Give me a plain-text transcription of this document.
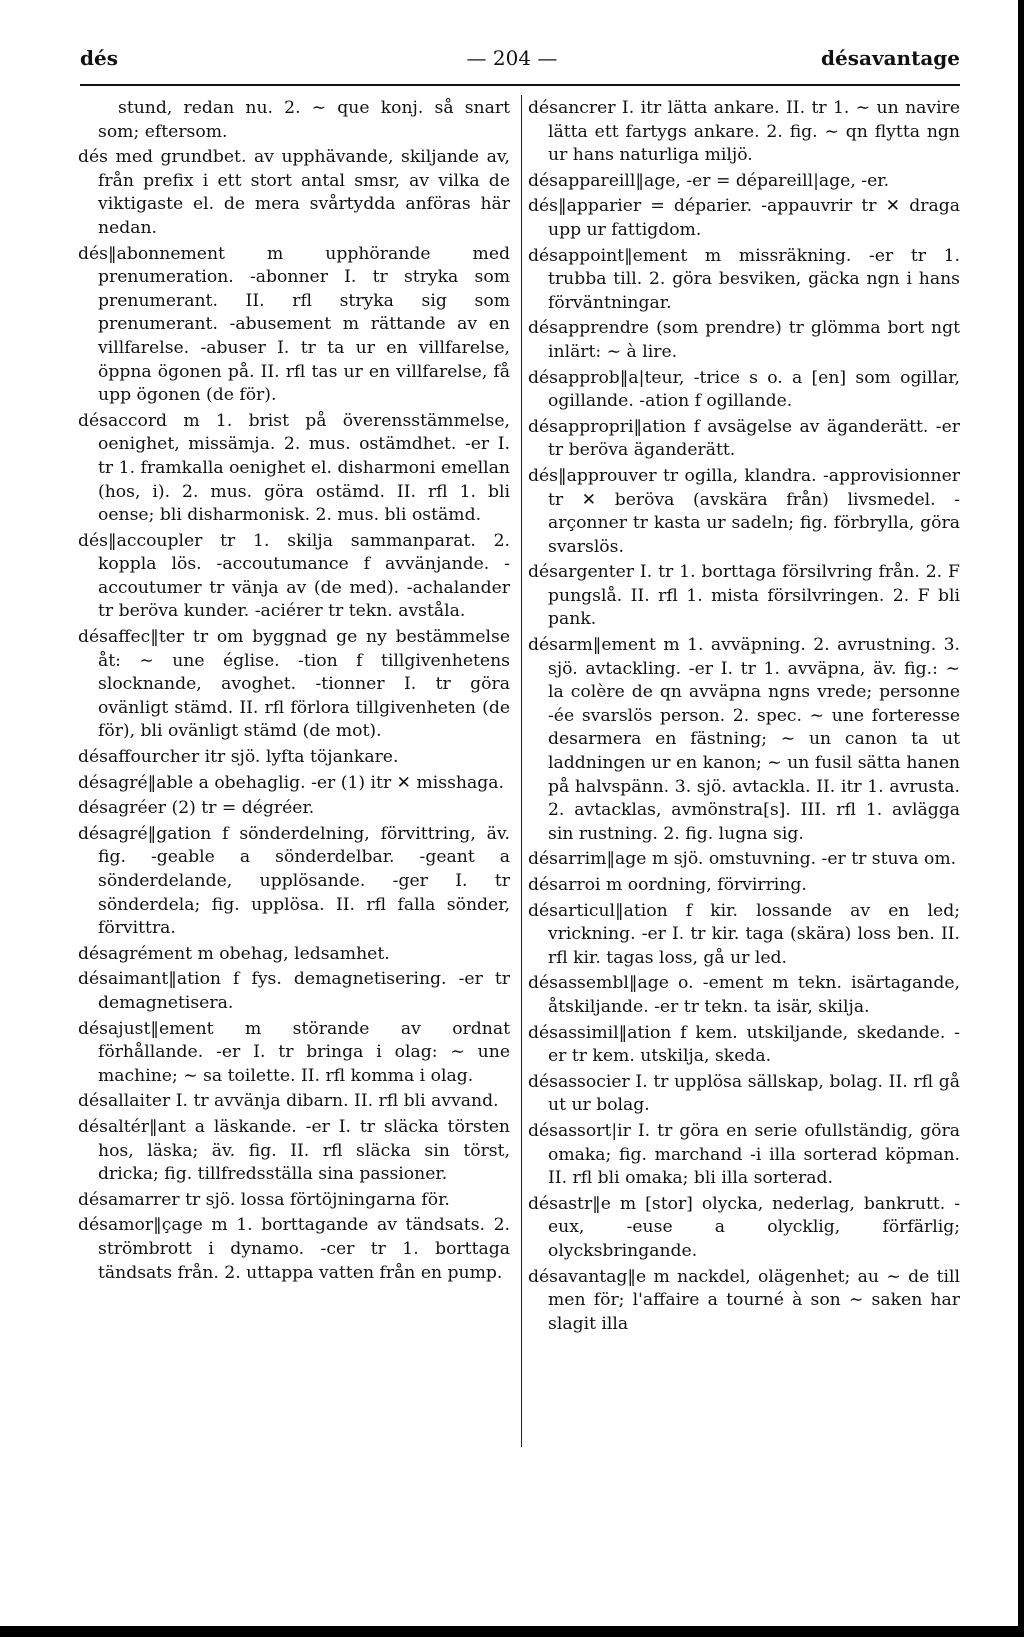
dés	— 204 —	désavantage

stund, redan nu. 2. ∼ que konj. så snart som; eftersom.

dés med grundbet. av upphävande, skiljande av, från prefix i ett stort antal smsr, av vilka de viktigaste el. de mera svårtydda anföras här nedan.

dés‖abonnement m upphörande med prenumeration. -abonner I. tr stryka som prenumerant. II. rfl stryka sig som prenumerant. -abusement m rättande av en villfarelse. -abuser I. tr ta ur en villfarelse, öppna ögonen på. II. rfl tas ur en villfarelse, få upp ögonen (de för).

désaccord m 1. brist på överensstämmelse, oenighet, missämja. 2. mus. ostämdhet. -er I. tr 1. framkalla oenighet el. disharmoni emellan (hos, i). 2. mus. göra ostämd. II. rfl 1. bli oense; bli disharmonisk. 2. mus. bli ostämd.

dés‖accoupler tr 1. skilja sammanparat. 2. koppla lös. -accoutumance f avvänjande. -accoutumer tr vänja av (de med). -achalander tr beröva kunder. -aciérer tr tekn. avståla.

désaffec‖ter tr om byggnad ge ny bestämmelse åt: ∼ une église. -tion f tillgivenhetens slocknande, avoghet. -tionner I. tr göra ovänligt stämd. II. rfl förlora tillgivenheten (de för), bli ovänligt stämd (de mot).

désaffourcher itr sjö. lyfta töjankare.

désagré‖able a obehaglig. -er (1) itr ✕ misshaga.

désagréer (2) tr = dégréer.

désagré‖gation f sönderdelning, förvittring, äv. fig. -geable a sönderdelbar. -geant a sönderdelande, upplösande. -ger I. tr sönderdela; fig. upplösa. II. rfl falla sönder, förvittra.

désagrément m obehag, ledsamhet.

désaimant‖ation f fys. demagnetisering. -er tr demagnetisera.

désajust‖ement m störande av ordnat förhållande. -er I. tr bringa i olag: ∼ une machine; ∼ sa toilette. II. rfl komma i olag.

désallaiter I. tr avvänja dibarn. II. rfl bli avvand.

désaltér‖ant a läskande. -er I. tr släcka törsten hos, läska; äv. fig. II. rfl släcka sin törst, dricka; fig. tillfredsställa sina passioner.

désamarrer tr sjö. lossa förtöjningarna för.

désamor‖çage m 1. borttagande av tändsats. 2. strömbrott i dynamo. -cer tr 1. borttaga tändsats från. 2. uttappa vatten från en pump.

désancrer I. itr lätta ankare. II. tr 1. ∼ un navire lätta ett fartygs ankare. 2. fig. ∼ qn flytta ngn ur hans naturliga miljö.

désappareill‖age, -er = dépareill|age, -er.

dés‖apparier = déparier. -appauvrir tr ✕ draga upp ur fattigdom.

désappoint‖ement m missräkning. -er tr 1. trubba till. 2. göra besviken, gäcka ngn i hans förväntningar.

désapprendre (som prendre) tr glömma bort ngt inlärt: ∼ à lire.

désapprob‖a|teur, -trice s o. a [en] som ogillar, ogillande. -ation f ogillande.

désappropri‖ation f avsägelse av äganderätt. -er tr beröva äganderätt.

dés‖approuver tr ogilla, klandra. -approvisionner tr ✕ beröva (avskära från) livsmedel. -arçonner tr kasta ur sadeln; fig. förbrylla, göra svarslös.

désargenter I. tr 1. borttaga försilvring från. 2. F pungslå. II. rfl 1. mista försilvringen. 2. F bli pank.

désarm‖ement m 1. avväpning. 2. avrustning. 3. sjö. avtackling. -er I. tr 1. avväpna, äv. fig.: ∼ la colère de qn avväpna ngns vrede; personne -ée svarslös person. 2. spec. ∼ une forteresse desarmera en fästning; ∼ un canon ta ut laddningen ur en kanon; ∼ un fusil sätta hanen på halvspänn. 3. sjö. avtackla. II. itr 1. avrusta. 2. avtacklas, avmönstra[s]. III. rfl 1. avlägga sin rustning. 2. fig. lugna sig.

désarrim‖age m sjö. omstuvning. -er tr stuva om.

désarroi m oordning, förvirring.

désarticul‖ation f kir. lossande av en led; vrickning. -er I. tr kir. taga (skära) loss ben. II. rfl kir. tagas loss, gå ur led.

désassembl‖age o. -ement m tekn. isärtagande, åtskiljande. -er tr tekn. ta isär, skilja.

désassimil‖ation f kem. utskiljande, skedande. -er tr kem. utskilja, skeda.

désassocier I. tr upplösa sällskap, bolag. II. rfl gå ut ur bolag.

désassort|ir I. tr göra en serie ofullständig, göra omaka; fig. marchand -i illa sorterad köpman. II. rfl bli omaka; bli illa sorterad.

désastr‖e m [stor] olycka, nederlag, bankrutt. -eux, -euse a olycklig, förfärlig; olycksbringande.

désavantag‖e m nackdel, olägenhet; au ∼ de till men för; l'affaire a tourné à son ∼ saken har slagit illa
